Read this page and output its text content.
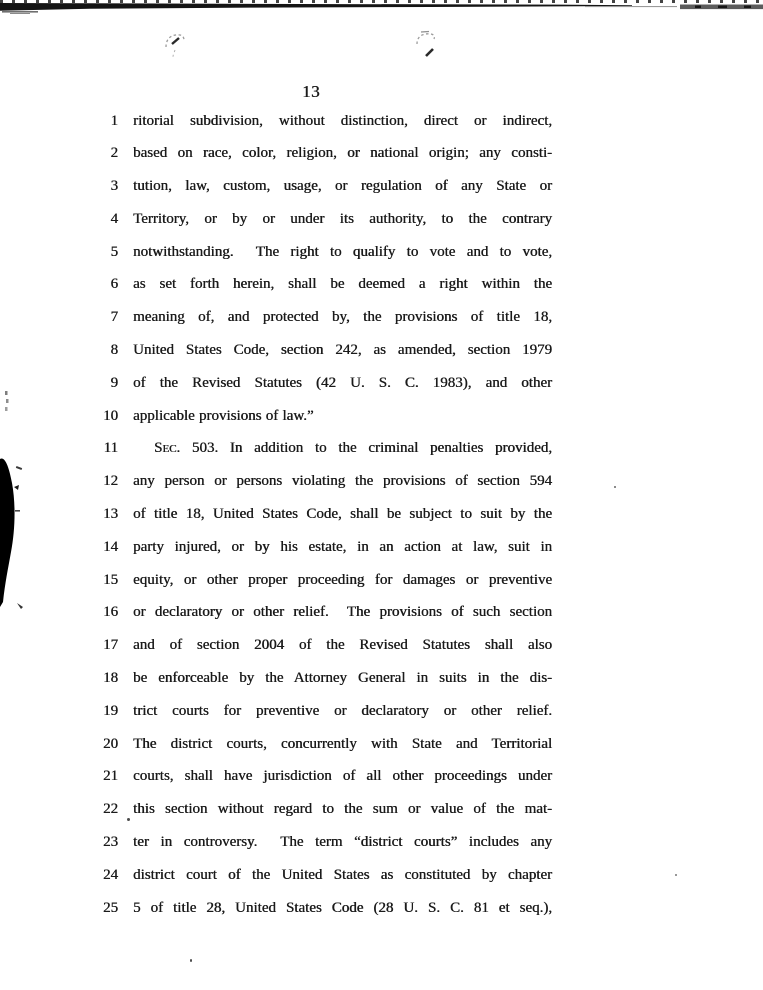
13
1 ritorial subdivision, without distinction, direct or indirect,
2 based on race, color, religion, or national origin; any consti-
3 tution, law, custom, usage, or regulation of any State or
4 Territory, or by or under its authority, to the contrary
5 notwithstanding.  The right to qualify to vote and to vote,
6 as set forth herein, shall be deemed a right within the
7 meaning of, and protected by, the provisions of title 18,
8 United States Code, section 242, as amended, section 1979
9 of the Revised Statutes (42 U. S. C. 1983), and other
10 applicable provisions of law.”
11	Sec. 503. In addition to the criminal penalties provided,
12 any person or persons violating the provisions of section 594
13 of title 18, United States Code, shall be subject to suit by the
14 party injured, or by his estate, in an action at law, suit in
15 equity, or other proper proceeding for damages or preventive
16 or declaratory or other relief.  The provisions of such section
17 and of section 2004 of the Revised Statutes shall also
18 be enforceable by the Attorney General in suits in the dis-
19 trict courts for preventive or declaratory or other relief.
20 The district courts, concurrently with State and Territorial
21 courts, shall have jurisdiction of all other proceedings under
22 this section without regard to the sum or value of the mat-
23 ter in controversy.  The term “district courts” includes any
24 district court of the United States as constituted by chapter
25 5 of title 28, United States Code (28 U. S. C. 81 et seq.),
